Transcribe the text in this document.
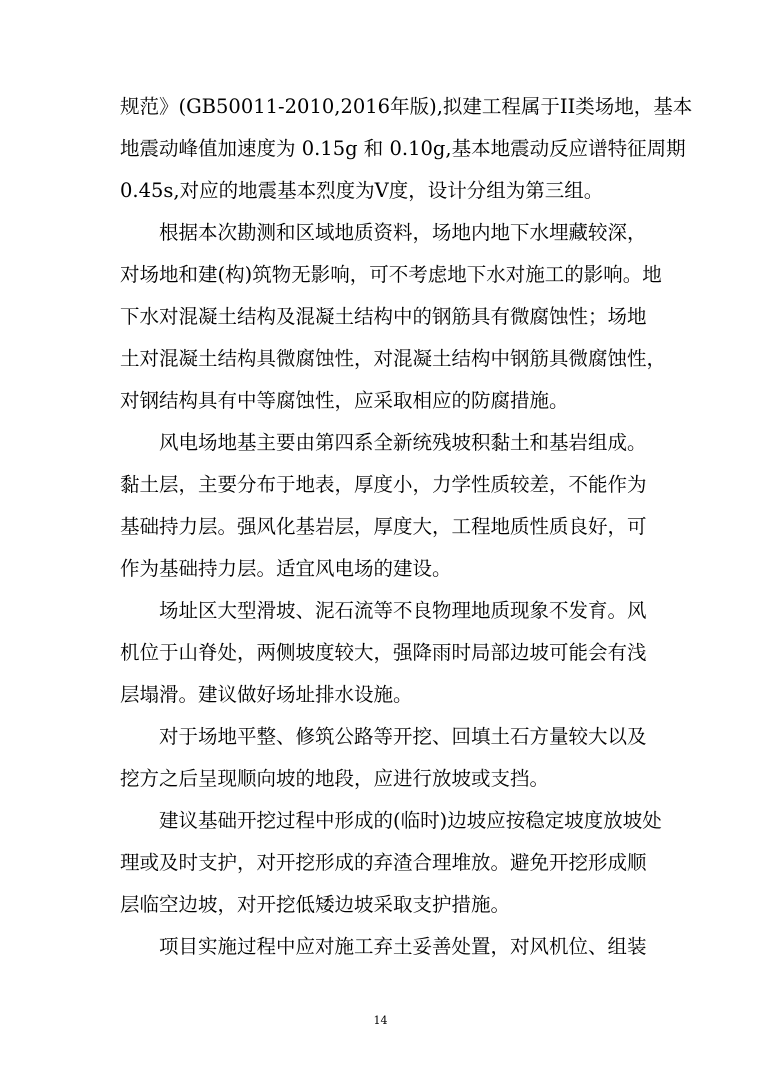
规范》(GB50011-2010,2016年版),拟建工程属于II类场地，基本
地震动峰值加速度为 0.15g 和 0.10g,基本地震动反应谱特征周期
0.45s,对应的地震基本烈度为Ⅴ度，设计分组为第三组。
根据本次勘测和区域地质资料，场地内地下水埋藏较深，
对场地和建(构)筑物无影响，可不考虑地下水对施工的影响。地
下水对混凝土结构及混凝土结构中的钢筋具有微腐蚀性；场地
土对混凝土结构具微腐蚀性，对混凝土结构中钢筋具微腐蚀性，
对钢结构具有中等腐蚀性，应采取相应的防腐措施。
风电场地基主要由第四系全新统残坡积黏土和基岩组成。
黏土层，主要分布于地表，厚度小，力学性质较差，不能作为
基础持力层。强风化基岩层，厚度大，工程地质性质良好，可
作为基础持力层。适宜风电场的建设。
场址区大型滑坡、泥石流等不良物理地质现象不发育。风
机位于山脊处，两侧坡度较大，强降雨时局部边坡可能会有浅
层塌滑。建议做好场址排水设施。
对于场地平整、修筑公路等开挖、回填土石方量较大以及
挖方之后呈现顺向坡的地段，应进行放坡或支挡。
建议基础开挖过程中形成的(临时)边坡应按稳定坡度放坡处
理或及时支护，对开挖形成的弃渣合理堆放。避免开挖形成顺
层临空边坡，对开挖低矮边坡采取支护措施。
项目实施过程中应对施工弃土妥善处置，对风机位、组装
14
